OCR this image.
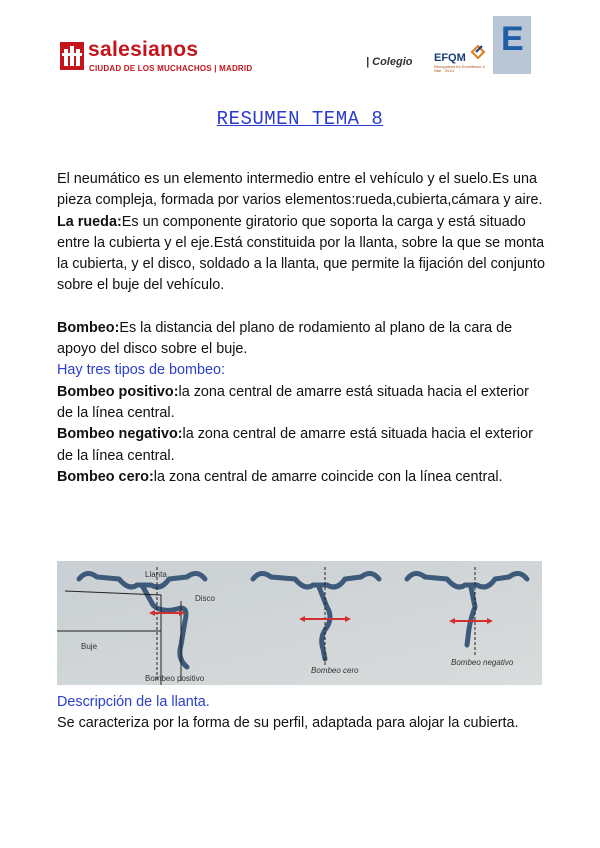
salesianos
CIUDAD DE LOS MUCHACHOS | MADRID
| Colegio EFQM
Recognised for Excellence 4 Star · 2014
E
RESUMEN TEMA 8

El neumático es un elemento intermedio entre el vehículo y el suelo.Es una pieza compleja, formada por varios elementos:rueda,cubierta,cámara y aire.

La rueda:Es un componente giratorio que soporta la carga y está situado entre la cubierta y el eje.Está constituida por la llanta, sobre la que se monta la cubierta, y el disco, soldado a la llanta, que permite la fijación del conjunto sobre el buje del vehículo.

Bombeo:Es la distancia del plano de rodamiento al plano de la cara de apoyo del disco sobre el buje.

Hay tres tipos de bombeo:

Bombeo positivo:la zona central de amarre está situada hacia el exterior de la línea central.

Bombeo negativo:la zona central de amarre está situada hacia el exterior de la línea central.

Bombeo cero:la zona central de amarre coincide con la línea central.

Disco
Llanta
Buje
Bombeo positivo
Bombeo cero
Bombeo negativo

Descripción de la llanta.

Se caracteriza por la forma de su perfil, adaptada para alojar la cubierta.
